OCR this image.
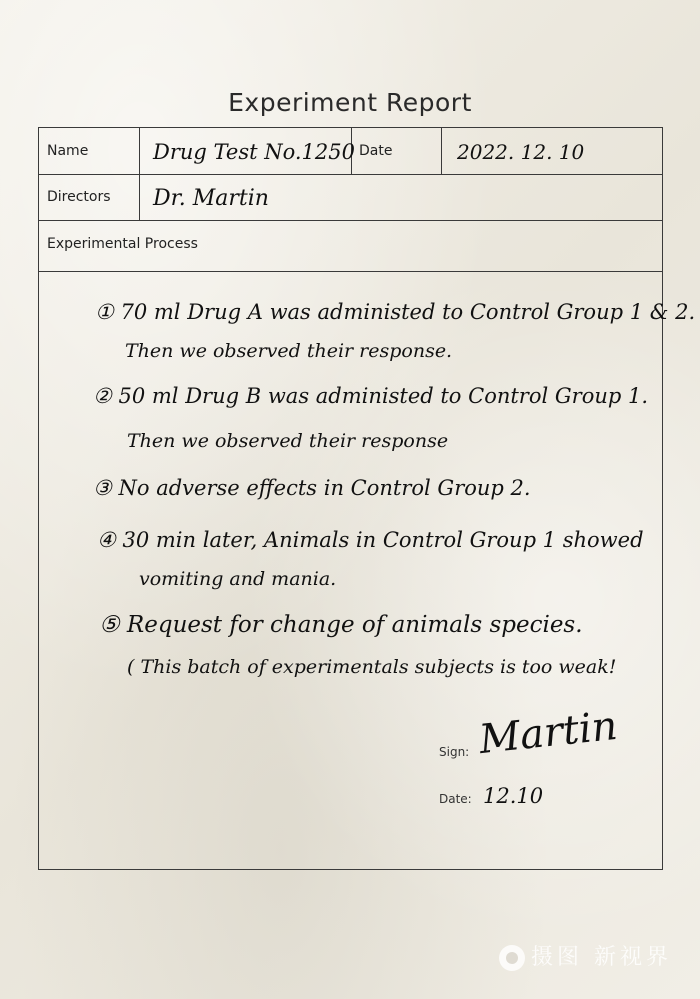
Experiment Report
Name	Drug Test No.1250 Date	2022. 12. 10
Directors Dr. Martin
Experimental Process
① 70 ml Drug A was administed to Control Group 1 & 2.
Then we observed their response.
② 50 ml Drug B was administed to Control Group 1.
Then we observed their response
③ No adverse effects in Control Group 2.
④ 30 min later, Animals in Control Group 1 showed
vomiting and mania.
⑤ Request for change of animals species.
( This batch of experimentals subjects is too weak!
Sign: Martin
Date: 12.10
摄图 新视界
